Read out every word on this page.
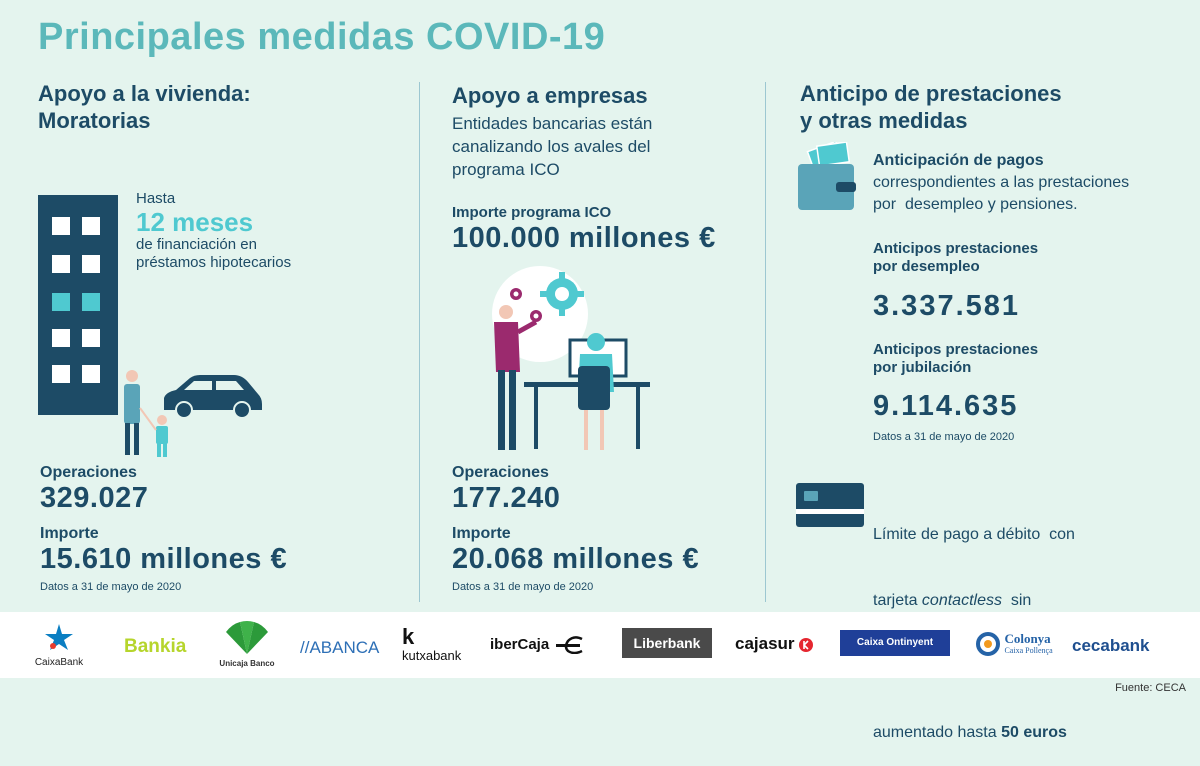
Principales medidas COVID-19
Apoyo a la vivienda:
Moratorias
Hasta
12 meses
de financiación en
préstamos hipotecarios
Operaciones
329.027
Importe
15.610 millones €
Datos a 31 de mayo de 2020
Apoyo a empresas
Entidades bancarias están
canalizando los avales del
programa ICO
Importe programa ICO
100.000 millones €
Operaciones
177.240
Importe
20.068 millones €
Datos a 31 de mayo de 2020
Anticipo de prestaciones
y otras medidas
Anticipación de pagos
correspondientes a las prestaciones
por  desempleo y pensiones.
Anticipos prestaciones
por desempleo
3.337.581
Anticipos prestaciones
por jubilación
9.114.635
Datos a 31 de mayo de 2020

Límite de pago a débito  con

tarjeta contactless  sin

aumentado hasta 50 euros

CaixaBank
Bankia
Unicaja Banco
//ABANCA k
kutxabank
iberCaja	Liberbank	cajasur	Caixa Ontinyent
	Colonya
Caixa Pollença cecabank
Fuente: CECA
